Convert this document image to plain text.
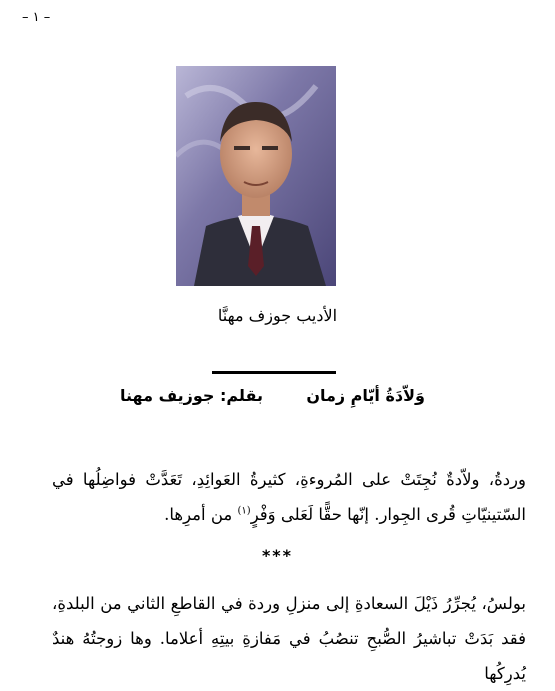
– ١ –
الأديب جوزف مهنَّا
وَلاّدَةُ أيّامِ زمان
بقلم: جوزيف مهنا
وردةُ، ولاّدةٌ نُجِتَتْ على المُروءةِ، كثيرةُ العَوائِدِ، تَعَدَّتْ فواضِلُها في السّتينيّاتِ قُرى الجِوار. إنّها حقًّا لَعَلى وَفْرٍ$^{(١)}$ من أمرِها.
***
بولسُ، يُجرِّرُ ذَيْلَ السعادةِ إلى منزلِ وردة في القاطعِ الثاني من البلدةِ، فقد بَدَتْ تباشيرُ الصُّبحِ تنصُبُ في مَفازةِ بيتِهِ أعلاما. وها زوجتُهُ هندٌ يُدرِكُها
